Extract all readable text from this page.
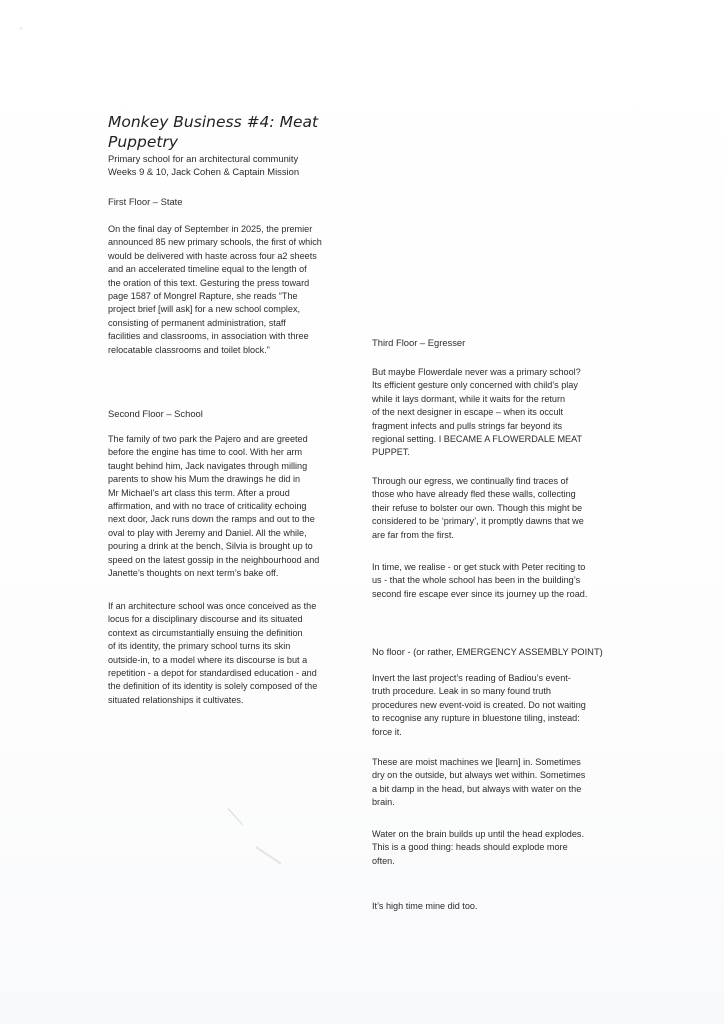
°
Monkey Business #4: Meat
Puppetry

Primary school for an architectural community
Weeks 9 & 10, Jack Cohen & Captain Mission

First Floor – State

On the final day of September in 2025, the premier
announced 85 new primary schools, the first of which
would be delivered with haste across four a2 sheets
and an accelerated timeline equal to the length of
the oration of this text. Gesturing the press toward
page 1587 of Mongrel Rapture, she reads “The
project brief [will ask] for a new school complex,
consisting of permanent administration, staff
facilities and classrooms, in association with three
relocatable classrooms and toilet block.”

Second Floor – School

The family of two park the Pajero and are greeted
before the engine has time to cool. With her arm
taught behind him, Jack navigates through milling
parents to show his Mum the drawings he did in
Mr Michael’s art class this term. After a proud
affirmation, and with no trace of criticality echoing
next door, Jack runs down the ramps and out to the
oval to play with Jeremy and Daniel. All the while,
pouring a drink at the bench, Silvia is brought up to
speed on the latest gossip in the neighbourhood and
Janette’s thoughts on next term’s bake off.

If an architecture school was once conceived as the
locus for a disciplinary discourse and its situated
context as circumstantially ensuing the definition
of its identity, the primary school turns its skin
outside-in, to a model where its discourse is but a
repetition - a depot for standardised education - and
the definition of its identity is solely composed of the
situated relationships it cultivates.

Third Floor – Egresser

But maybe Flowerdale never was a primary school?
Its efficient gesture only concerned with child’s play
while it lays dormant, while it waits for the return
of the next designer in escape – when its occult
fragment infects and pulls strings far beyond its
regional setting. I BECAME A FLOWERDALE MEAT
PUPPET.

Through our egress, we continually find traces of
those who have already fled these walls, collecting
their refuse to bolster our own. Though this might be
considered to be ‘primary’, it promptly dawns that we
are far from the first.

In time, we realise - or get stuck with Peter reciting to
us - that the whole school has been in the building’s
second fire escape ever since its journey up the road.

No floor - (or rather, EMERGENCY ASSEMBLY POINT)

Invert the last project’s reading of Badiou’s event-
truth procedure. Leak in so many found truth
procedures new event-void is created. Do not waiting
to recognise any rupture in bluestone tiling, instead:
force it.

These are moist machines we [learn] in. Sometimes
dry on the outside, but always wet within. Sometimes
a bit damp in the head, but always with water on the
brain.

Water on the brain builds up until the head explodes.
This is a good thing: heads should explode more
often.

It’s high time mine did too.
